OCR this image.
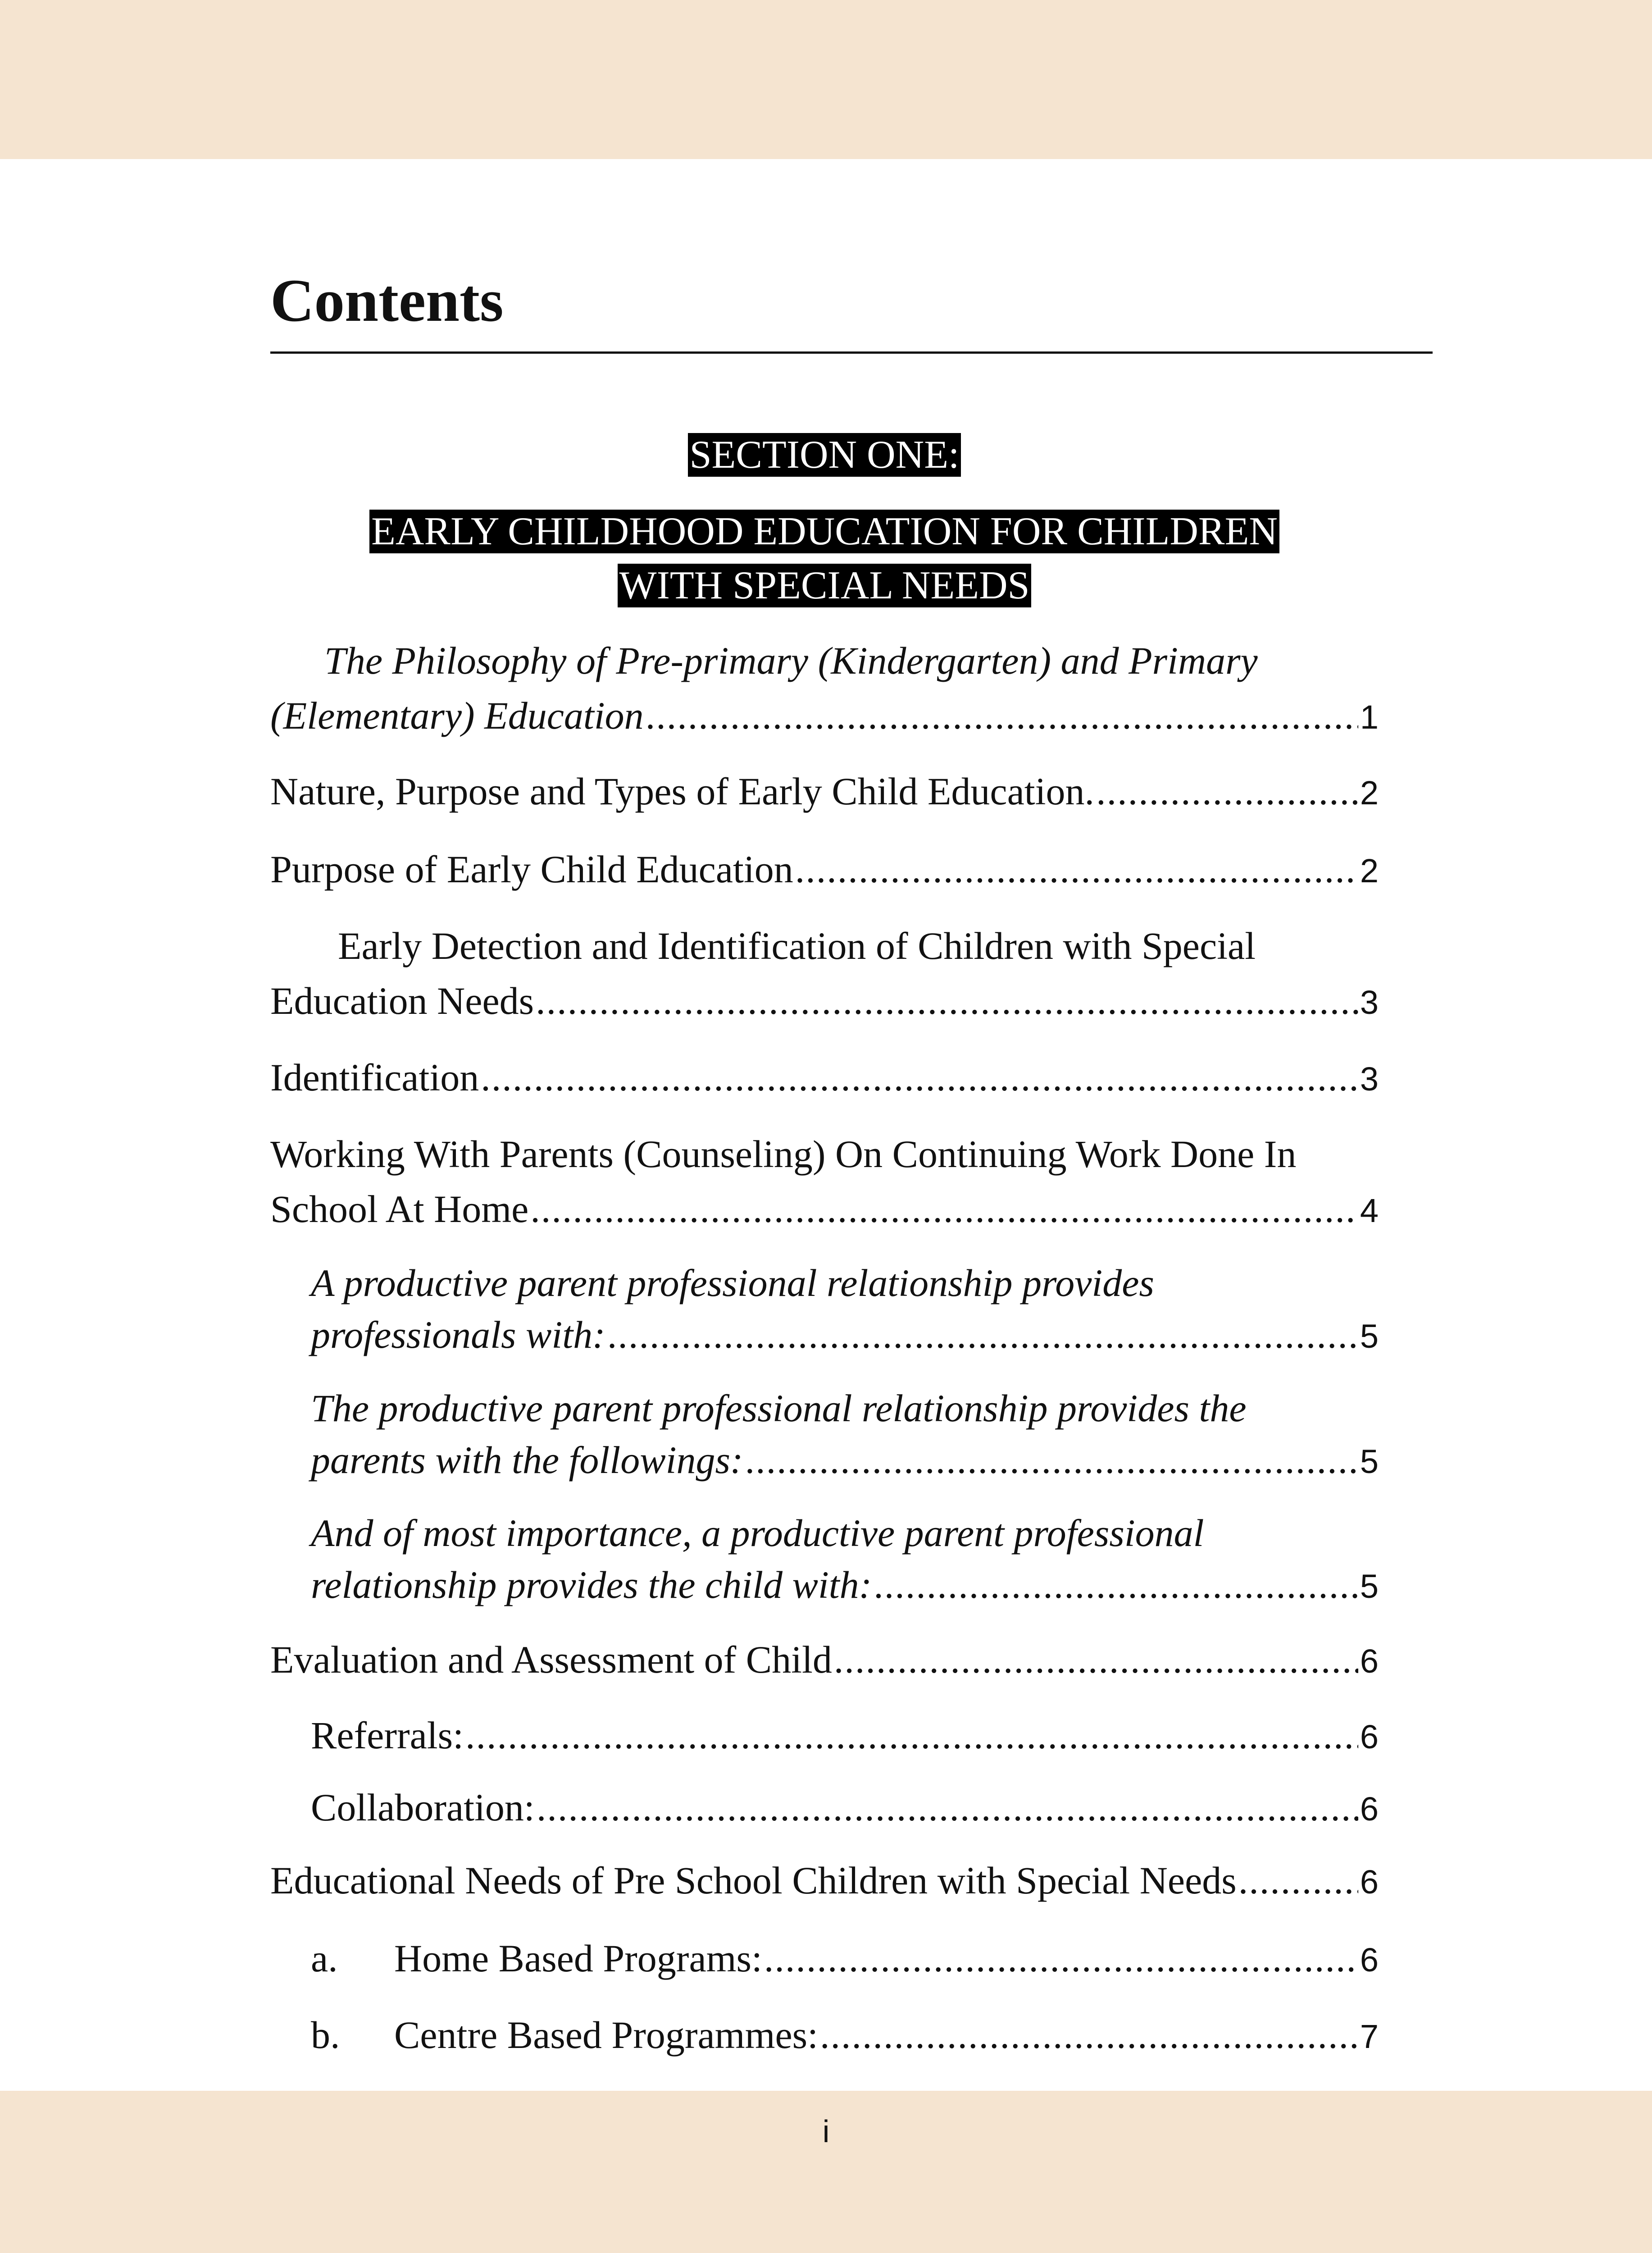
Contents
SECTION ONE:
EARLY CHILDHOOD EDUCATION FOR CHILDREN
WITH SPECIAL NEEDS
The Philosophy of Pre-primary (Kindergarten) and Primary
(Elementary) Education .....	1
Nature, Purpose and Types of Early Child Education. .....	2
Purpose of Early Child Education .....	2
Early Detection and Identification of Children with Special
Education Needs .....	3
Identification .....	3
Working With Parents (Counseling) On Continuing Work Done In
School At Home .....	4
A productive parent professional relationship provides
professionals with: .....	5
The productive parent professional relationship provides the
parents with the followings: .....	5
And of most importance, a productive parent professional
relationship provides the child with: .....	5
Evaluation and Assessment of Child .....	6
Referrals: .....	6
Collaboration: .....	6
Educational Needs of Pre School Children with Special Needs .....	6
a. Home Based Programs: .....	6
b. Centre Based Programmes: .....	7
i
